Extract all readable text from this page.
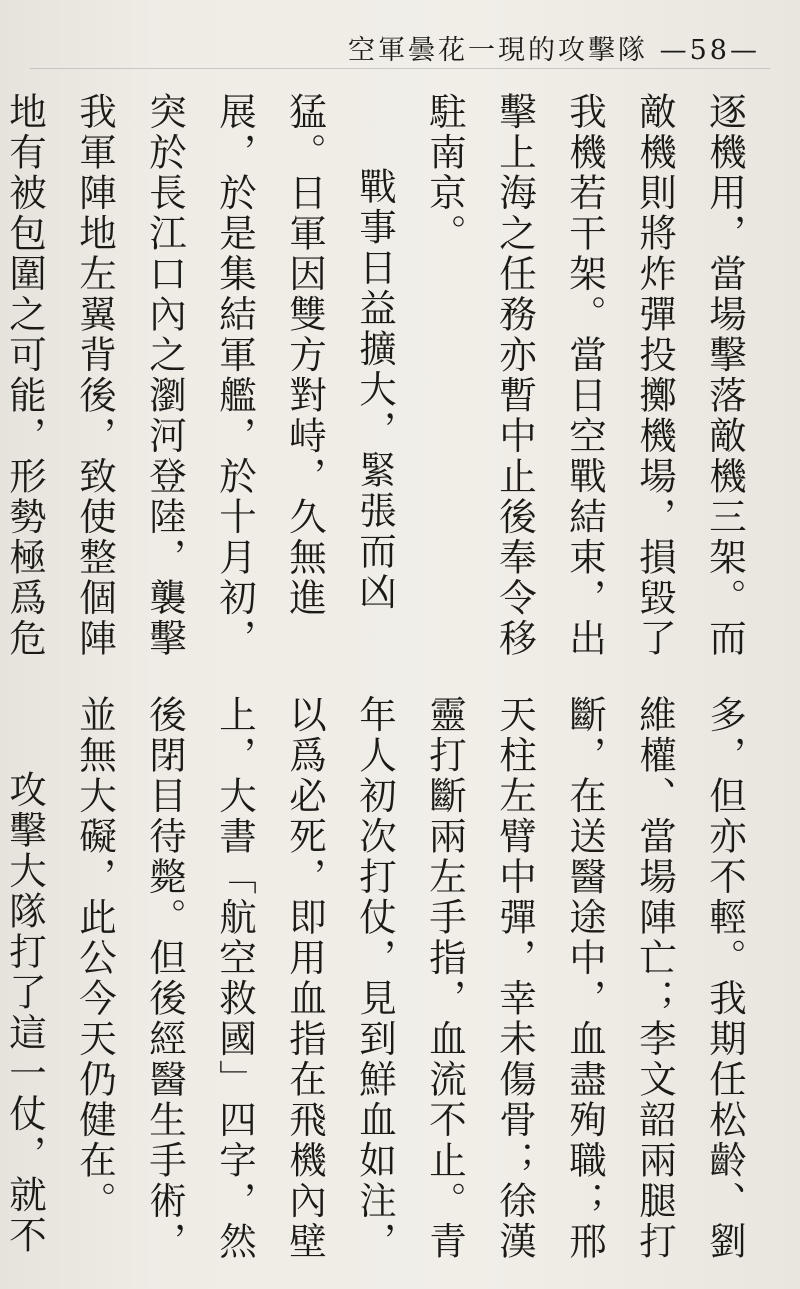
空軍曇花一現的攻擊隊 —58—

逐機用，當場擊落敵機三架。而敵機則將炸彈投擲機場，損毀了我機若干架。當日空戰結束，出擊上海之任務亦暫中止後奉令移駐南京。

戰事日益擴大，緊張而凶猛。日軍因雙方對峙，久無進展，於是集結軍艦，於十月初，突於長江口內之瀏河登陸，襲擊我軍陣地左翼背後，致使整個陣地有被包圍之可能，形勢極爲危

多，但亦不輕。我期任松齡、劉維權、當場陣亡；李文韶兩腿打斷，在送醫途中，血盡殉職；邢天柱左臂中彈，幸未傷骨；徐漢靈打斷兩左手指，血流不止。青年人初次打仗，見到鮮血如注，以爲必死，即用血指在飛機內壁上，大書「航空救國」四字，然後閉目待斃。但後經醫生手術，並無大礙，此公今天仍健在。

攻擊大隊打了這一仗，就不
